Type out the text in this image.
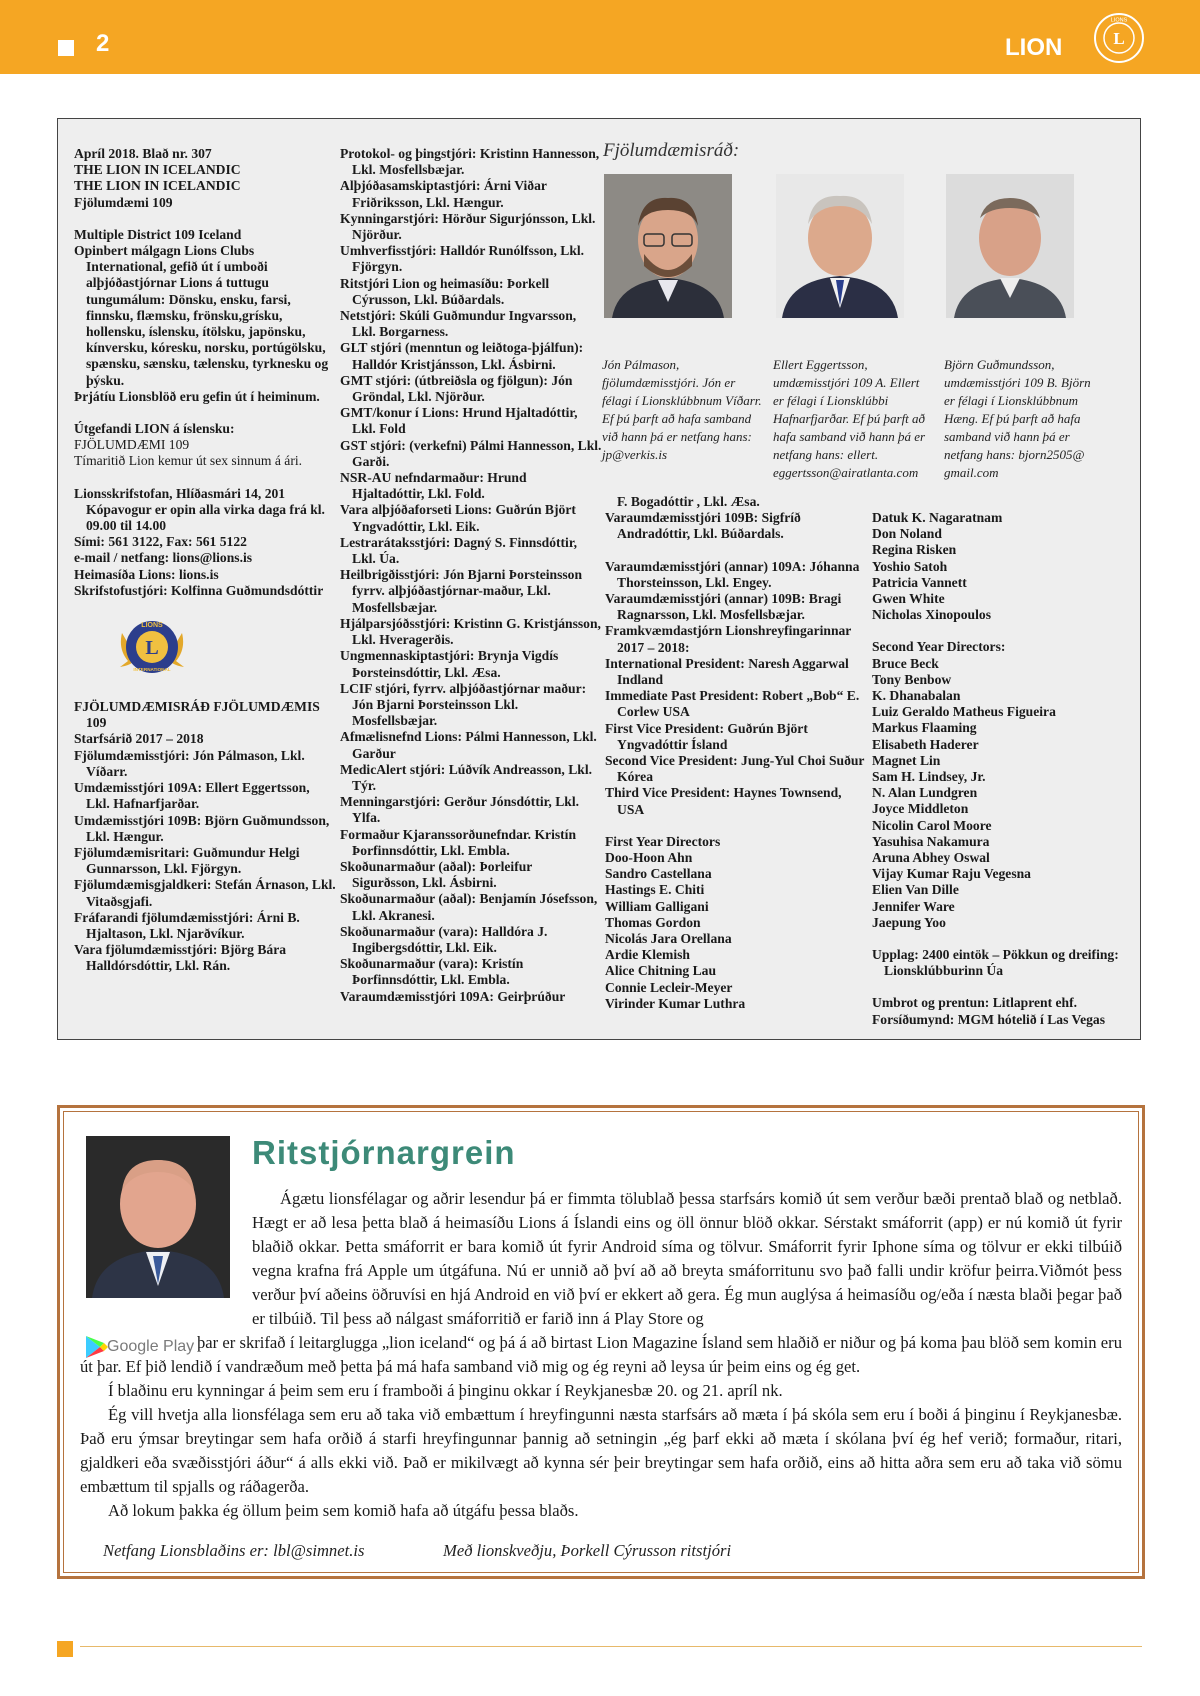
2	LION	L
LIONS

Apríl 2018. Blað nr. 307

THE LION IN ICELANDIC

THE LION IN ICELANDIC

Fjölumdæmi 109

Multiple District 109 Iceland

Opinbert málgagn Lions Clubs International, gefið út í umboði alþjóðastjórnar Lions á tuttugu tungumálum: Dönsku, ensku, farsi, finnsku, flæmsku, frönsku,grísku, hollensku, íslensku, ítölsku, japönsku, kínversku, kóresku, norsku, portúgölsku, spænsku, sænsku, tælensku, tyrknesku og þýsku.

Þrjátíu Lionsblöð eru gefin út í heiminum.

Útgefandi LION á íslensku:

FJÖLUMDÆMI 109

Tímaritið Lion kemur út sex sinnum á ári.

Lionsskrifstofan, Hlíðasmári 14, 201 Kópavogur er opin alla virka daga frá kl. 09.00 til 14.00

Sími: 561 3122, Fax: 561 5122

e-mail / netfang: lions@lions.is

Heimasíða Lions: lions.is

Skrifstofustjóri: Kolfinna Guðmundsdóttir

L
LIONS
INTERNATIONAL

FJÖLUMDÆMISRÁÐ FJÖLUMDÆMIS 109

Starfsárið 2017 – 2018

Fjölumdæmisstjóri: Jón Pálmason, Lkl. Víðarr.

Umdæmisstjóri 109A: Ellert Eggertsson, Lkl. Hafnarfjarðar.

Umdæmisstjóri 109B: Björn Guðmundsson, Lkl. Hængur.

Fjölumdæmisritari: Guðmundur Helgi Gunnarsson, Lkl. Fjörgyn.

Fjölumdæmisgjaldkeri: Stefán Árnason, Lkl. Vitaðsgjafi.

Fráfarandi fjölumdæmisstjóri: Árni B. Hjaltason, Lkl. Njarðvíkur.

Vara fjölumdæmisstjóri: Björg Bára Halldórsdóttir, Lkl. Rán.

Protokol- og þingstjóri: Kristinn Hannesson, Lkl. Mosfellsbæjar.

Alþjóðasamskiptastjóri: Árni Viðar Friðriksson, Lkl. Hængur.

Kynningarstjóri: Hörður Sigurjónsson, Lkl. Njörður.

Umhverfisstjóri: Halldór Runólfsson, Lkl. Fjörgyn.

Ritstjóri Lion og heimasíðu: Þorkell Cýrusson, Lkl. Búðardals.

Netstjóri: Skúli Guðmundur Ingvarsson, Lkl. Borgarness.

GLT stjóri (menntun og leiðtoga-þjálfun): Halldór Kristjánsson, Lkl. Ásbirni.

GMT stjóri: (útbreiðsla og fjölgun): Jón Gröndal, Lkl. Njörður.

GMT/konur í Lions: Hrund Hjaltadóttir, Lkl. Fold

GST stjóri: (verkefni) Pálmi Hannesson, Lkl. Garði.

NSR-AU nefndarmaður: Hrund Hjaltadóttir, Lkl. Fold.

Vara alþjóðaforseti Lions: Guðrún Björt Yngvadóttir, Lkl. Eik.

Lestrarátaksstjóri: Dagný S. Finnsdóttir, Lkl. Úa.

Heilbrigðisstjóri: Jón Bjarni Þorsteinsson fyrrv. alþjóðastjórnar-maður, Lkl. Mosfellsbæjar.

Hjálparsjóðsstjóri: Kristinn G. Kristjánsson, Lkl. Hveragerðis.

Ungmennaskiptastjóri: Brynja Vigdís Þorsteinsdóttir, Lkl. Æsa.

LCIF stjóri, fyrrv. alþjóðastjórnar maður: Jón Bjarni Þorsteinsson Lkl. Mosfellsbæjar.

Afmælisnefnd Lions: Pálmi Hannesson, Lkl. Garður

MedicAlert stjóri: Lúðvík Andreasson, Lkl. Týr.

Menningarstjóri: Gerður Jónsdóttir, Lkl. Ylfa.

Formaður Kjaranssorðunefndar. Kristín Þorfinnsdóttir, Lkl. Embla.

Skoðunarmaður (aðal): Þorleifur Sigurðsson, Lkl. Ásbirni.

Skoðunarmaður (aðal): Benjamín Jósefsson, Lkl. Akranesi.

Skoðunarmaður (vara): Halldóra J. Ingibergsdóttir, Lkl. Eik.

Skoðunarmaður (vara): Kristín Þorfinnsdóttir, Lkl. Embla.

Varaumdæmisstjóri 109A: Geirþrúður

Fjölumdæmisráð:
Jón Pálmason, fjölumdæmisstjóri. Jón er félagi í Lionsklúbbnum Víðarr. Ef þú þarft að hafa samband við hann þá er netfang hans: jp@verkis.is
Ellert Eggertsson, umdæmisstjóri 109 A. Ellert er félagi í Lionsklúbbi Hafnarfjarðar. Ef þú þarft að hafa samband við hann þá er netfang hans: ellert. eggertsson@airatlanta.com
Björn Guðmundsson, umdæmisstjóri 109 B. Björn er félagi í Lionsklúbbnum Hæng. Ef þú þarft að hafa samband við hann þá er netfang hans: bjorn2505@ gmail.com

F. Bogadóttir , Lkl. Æsa.

Varaumdæmisstjóri 109B: Sigfríð Andradóttir, Lkl. Búðardals.

Varaumdæmisstjóri (annar) 109A: Jóhanna Thorsteinsson, Lkl. Engey.

Varaumdæmisstjóri (annar) 109B: Bragi Ragnarsson, Lkl. Mosfellsbæjar.

Framkvæmdastjórn Lionshreyfingarinnar 2017 – 2018:

International President: Naresh Aggarwal Indland

Immediate Past President: Robert „Bob“ E. Corlew USA

First Vice President: Guðrún Björt Yngvadóttir Ísland

Second Vice President: Jung-Yul Choi Suður Kórea

Third Vice President: Haynes Townsend, USA

First Year Directors

Doo-Hoon Ahn

Sandro Castellana

Hastings E. Chiti

William Galligani

Thomas Gordon

Nicolás Jara Orellana

Ardie Klemish

Alice Chitning Lau

Connie Lecleir-Meyer

Virinder Kumar Luthra

Datuk K. Nagaratnam

Don Noland

Regina Risken

Yoshio Satoh

Patricia Vannett

Gwen White

Nicholas Xinopoulos

Second Year Directors:

Bruce Beck

Tony Benbow

K. Dhanabalan

Luiz Geraldo Matheus Figueira

Markus Flaaming

Elisabeth Haderer

Magnet Lin

Sam H. Lindsey, Jr.

N. Alan Lundgren

Joyce Middleton

Nicolin Carol Moore

Yasuhisa Nakamura

Aruna Abhey Oswal

Vijay Kumar Raju Vegesna

Elien Van Dille

Jennifer Ware

Jaepung Yoo

Upplag: 2400 eintök – Pökkun og dreifing: Lionsklúbburinn Úa

Umbrot og prentun: Litlaprent ehf.

Forsíðumynd: MGM hótelið í Las Vegas

Ritstjórnargrein

Ágætu lionsfélagar og aðrir lesendur þá er fimmta tölublað þessa starfsárs komið út sem verður bæði prentað blað og netblað. Hægt er að lesa þetta blað á heimasíðu Lions á Íslandi eins og öll önnur blöð okkar. Sérstakt smáforrit (app) er nú komið út fyrir blaðið okkar. Þetta smáforrit er bara komið út fyrir Android síma og tölvur. Smáforrit fyrir Iphone síma og tölvur er ekki tilbúið vegna krafna frá Apple um útgáfuna. Nú er unnið að því að að breyta smáforritunu svo það falli undir kröfur þeirra.Viðmót þess verður því aðeins öðruvísi en hjá Android en við því er ekkert að gera. Ég mun auglýsa á heimasíðu og/eða í næsta blaði þegar það er tilbúið. Til þess að nálgast smáforritið er farið inn á Play Store og

Google Play þar er skrifað í leitarglugga „lion iceland“ og þá á að birtast Lion Magazine Ísland sem hlaðið er niður og þá koma þau blöð sem komin eru út þar. Ef þið lendið í vandræðum með þetta þá má hafa samband við mig og ég reyni að leysa úr þeim eins og ég get.

Í blaðinu eru kynningar á þeim sem eru í framboði á þinginu okkar í Reykjanesbæ 20. og 21. apríl nk.

Ég vill hvetja alla lionsfélaga sem eru að taka við embættum í hreyfingunni næsta starfsárs að mæta í þá skóla sem eru í boði á þinginu í Reykjanesbæ. Það eru ýmsar breytingar sem hafa orðið á starfi hreyfingunnar þannig að setningin „ég þarf ekki að mæta í skólana því ég hef verið; formaður, ritari, gjaldkeri eða svæðisstjóri áður“ á alls ekki við. Það er mikilvægt að kynna sér þeir breytingar sem hafa orðið, eins að hitta aðra sem eru að taka við sömu embættum til spjalls og ráðagerða.

Að lokum þakka ég öllum þeim sem komið hafa að útgáfu þessa blaðs.

Netfang Lionsblaðins er: lbl@simnet.is	Með lionskveðju, Þorkell Cýrusson ritstjóri
